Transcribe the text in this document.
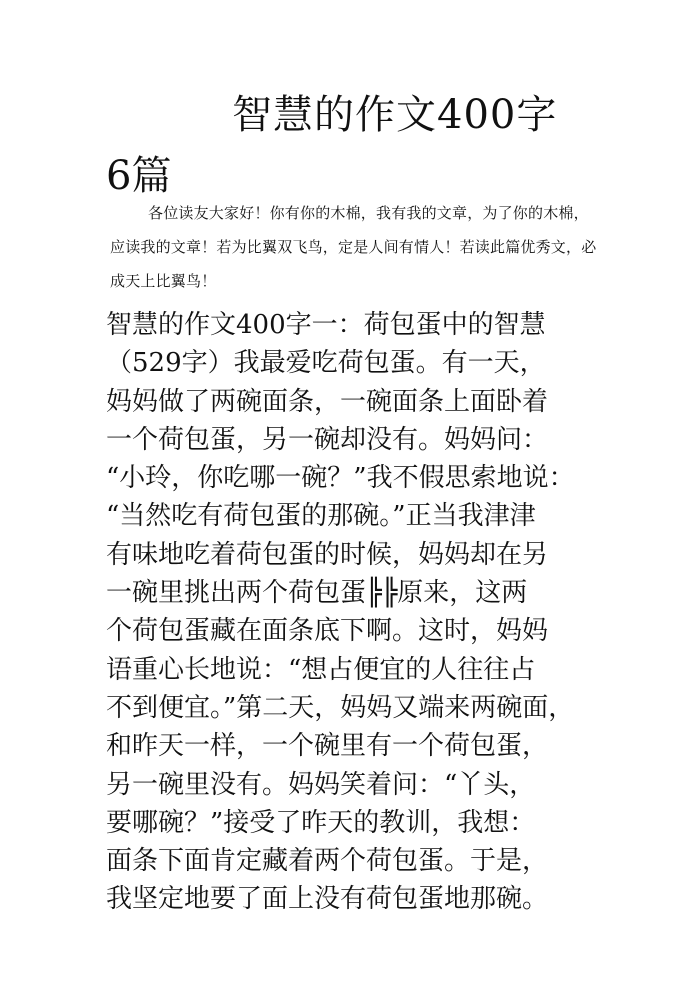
智慧的作文400字
6篇
各位读友大家好！你有你的木棉，我有我的文章，为了你的木棉，应读我的文章！若为比翼双飞鸟，定是人间有情人！若读此篇优秀文，必成天上比翼鸟！
智慧的作文400字一：荷包蛋中的智慧
（529字）我最爱吃荷包蛋。有一天，
妈妈做了两碗面条，一碗面条上面卧着
一个荷包蛋，另一碗却没有。妈妈问：
“小玲，你吃哪一碗？”我不假思索地说：
“当然吃有荷包蛋的那碗。”正当我津津
有味地吃着荷包蛋的时候，妈妈却在另
一碗里挑出两个荷包蛋╠╠原来，这两
个荷包蛋藏在面条底下啊。这时，妈妈
语重心长地说：“想占便宜的人往往占
不到便宜。”第二天，妈妈又端来两碗面，
和昨天一样，一个碗里有一个荷包蛋，
另一碗里没有。妈妈笑着问：“丫头，
要哪碗？”接受了昨天的教训，我想：
面条下面肯定藏着两个荷包蛋。于是，
我坚定地要了面上没有荷包蛋地那碗。
